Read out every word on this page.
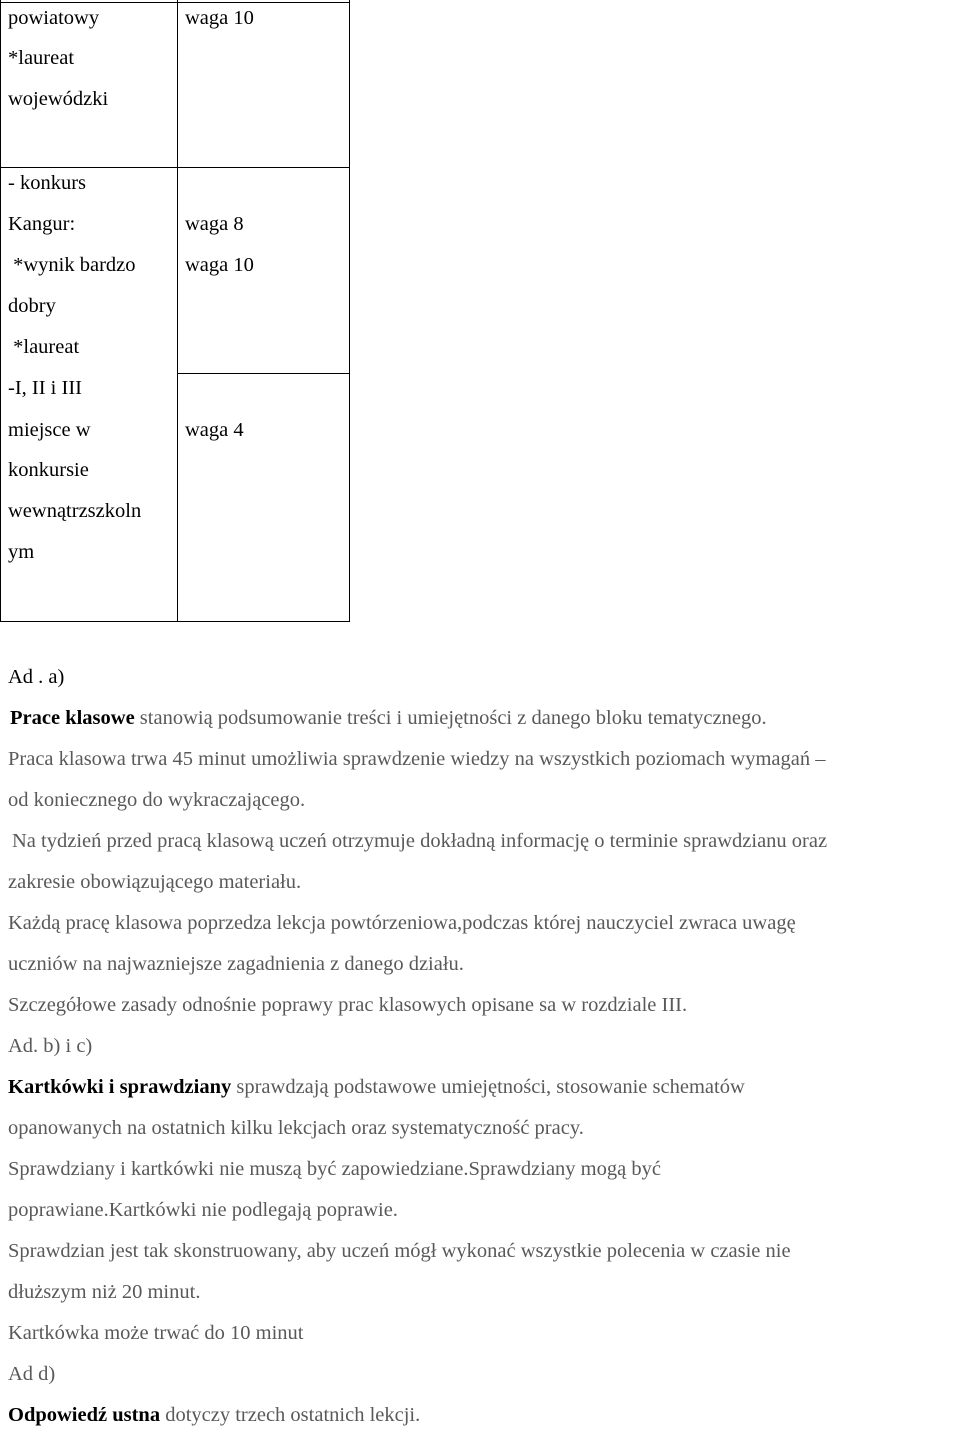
powiatowy
*laureat
wojewódzki
waga 10
- konkurs
Kangur:
*wynik bardzo
dobry
*laureat
waga 8
waga 10
-I, II i III
miejsce w
konkursie
wewnątrzszkoln
ym
waga 4
Ad . a)
Prace klasowe stanowią podsumowanie treści i umiejętności z danego bloku tematycznego.
Praca klasowa trwa 45 minut umożliwia sprawdzenie wiedzy na wszystkich poziomach wymagań –
od koniecznego do wykraczającego.
Na tydzień przed pracą klasową uczeń otrzymuje dokładną informację o terminie sprawdzianu oraz
zakresie obowiązującego materiału.
Każdą pracę klasowa poprzedza lekcja powtórzeniowa,podczas której nauczyciel zwraca uwagę
uczniów na najwazniejsze zagadnienia z danego działu.
Szczegółowe zasady odnośnie poprawy prac klasowych opisane sa w rozdziale III.
Ad. b) i c)
Kartkówki i sprawdziany sprawdzają podstawowe umiejętności, stosowanie schematów
opanowanych na ostatnich kilku lekcjach oraz systematyczność pracy.
Sprawdziany i kartkówki nie muszą być zapowiedziane.Sprawdziany mogą być
poprawiane.Kartkówki nie podlegają poprawie.
Sprawdzian jest tak skonstruowany, aby uczeń mógł wykonać wszystkie polecenia w czasie nie
dłuższym niż 20 minut.
Kartkówka może trwać do 10 minut
Ad d)
Odpowiedź ustna dotyczy trzech ostatnich lekcji.
